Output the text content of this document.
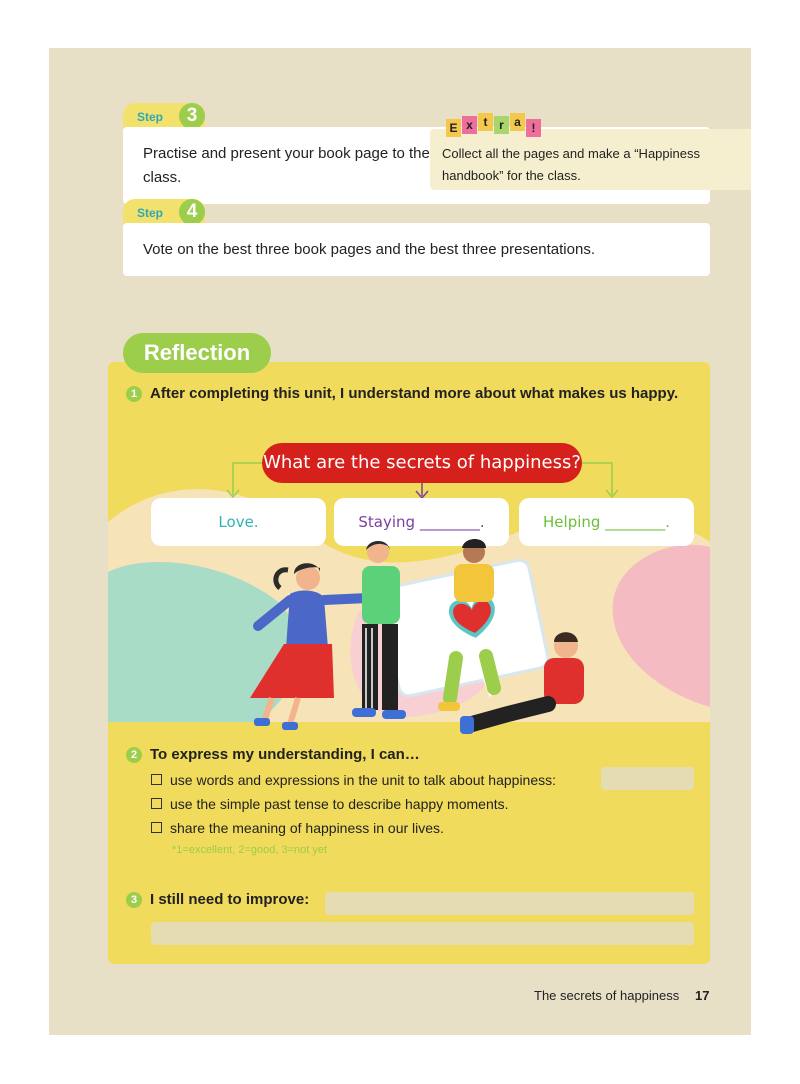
Step	3
Practise and present your book page to the class.
E x t r a !
Collect all the pages and make a “Happiness handbook” for the class.
Step	4
Vote on the best three book pages and the best three presentations.
Reflection
1 After completing this unit, I understand more about what makes us happy.
What are the secrets of happiness?
Love.	Staying ________.	Helping ________.
2 To express my understanding, I can…
use words and expressions in the unit to talk about happiness:
use the simple past tense to describe happy moments.
share the meaning of happiness in our lives.
*1=excellent, 2=good, 3=not yet
3 I still need to improve:
The secrets of happiness 17
